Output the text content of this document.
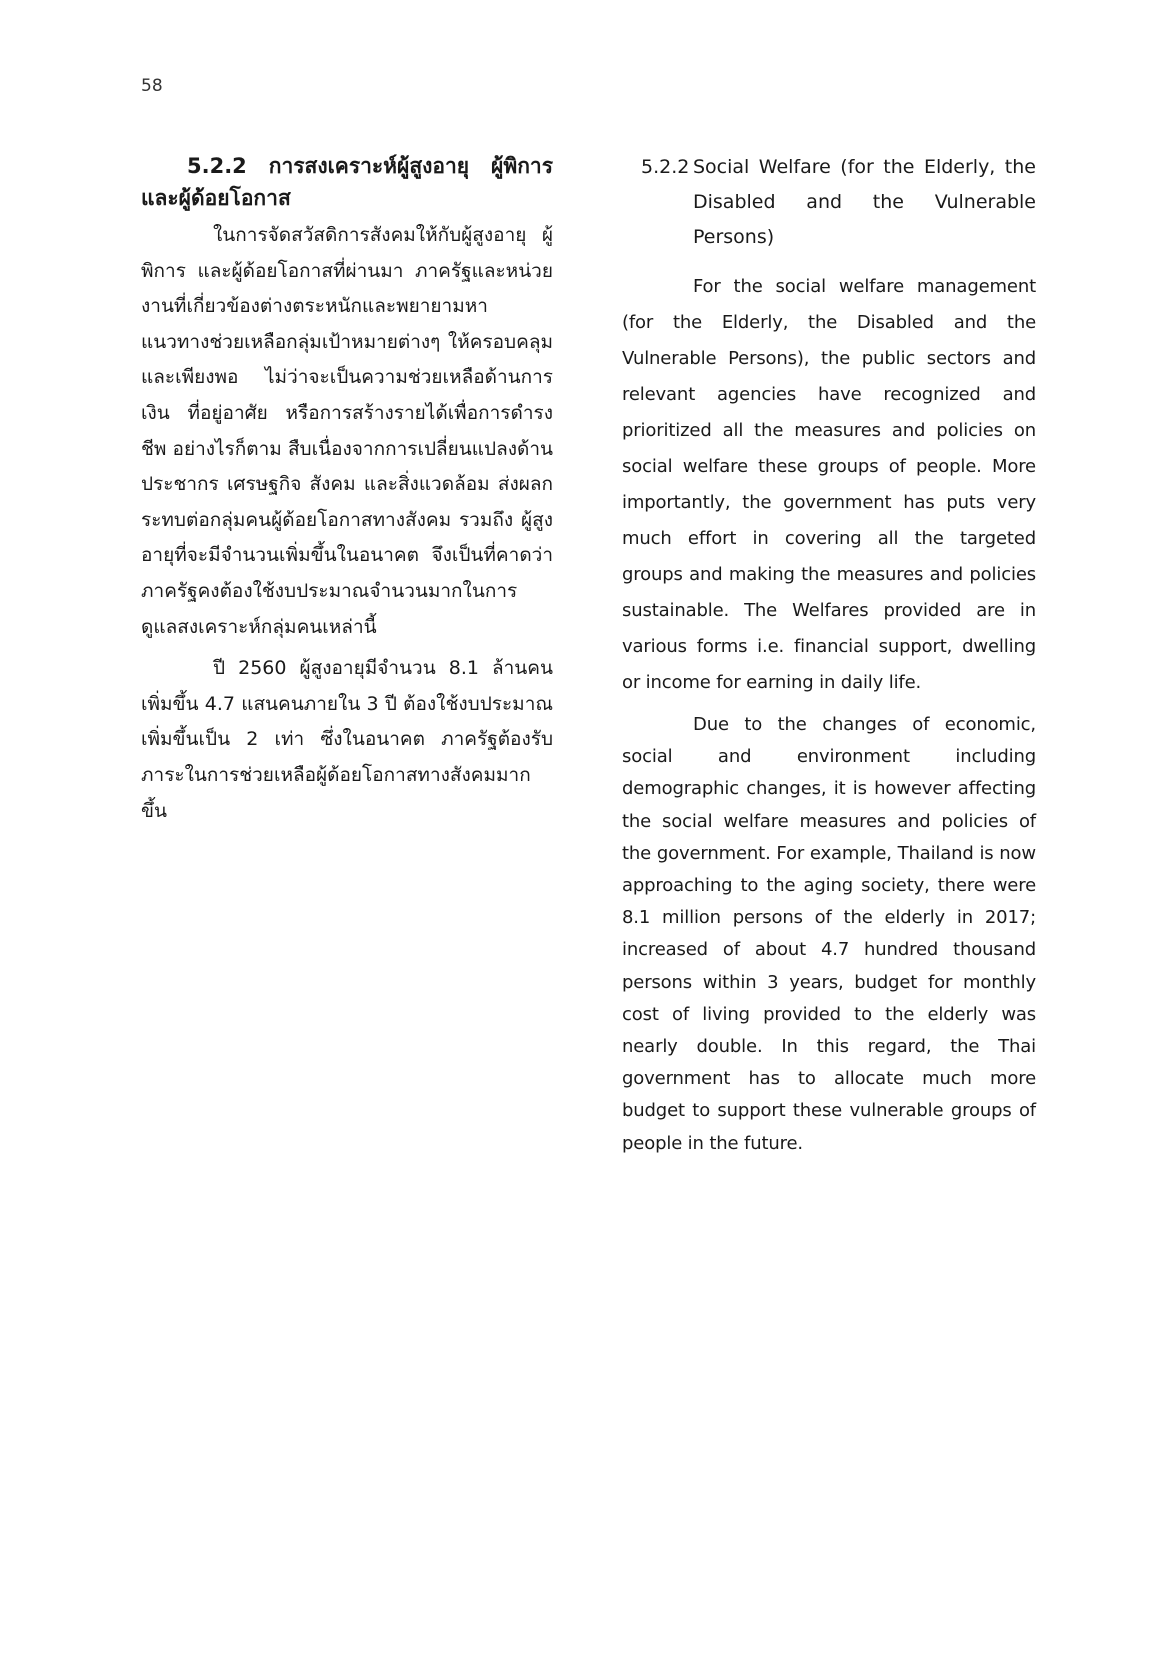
58
5.2.2 การสงเคราะห์ผู้สูงอายุ ผู้พิการ และผู้ด้อยโอกาส

ในการจัดสวัสดิการสังคมให้กับผู้สูงอายุ ผู้พิการ และผู้ด้อยโอกาสที่ผ่านมา ภาครัฐและหน่วยงานที่เกี่ยวข้องต่างตระหนักและพยายามหาแนวทางช่วยเหลือกลุ่มเป้าหมายต่างๆ ให้ครอบคลุมและเพียงพอ ไม่ว่าจะเป็นความช่วยเหลือด้านการเงิน ที่อยู่อาศัย หรือการสร้างรายได้เพื่อการดำรงชีพ อย่างไรก็ตาม สืบเนื่องจากการเปลี่ยนแปลงด้านประชากร เศรษฐกิจ สังคม และสิ่งแวดล้อม ส่งผลกระทบต่อกลุ่มคนผู้ด้อยโอกาสทางสังคม รวมถึง ผู้สูงอายุที่จะมีจำนวนเพิ่มขึ้นในอนาคต จึงเป็นที่คาดว่า ภาครัฐคงต้องใช้งบประมาณจำนวนมากในการดูแลสงเคราะห์กลุ่มคนเหล่านี้

ปี 2560 ผู้สูงอายุมีจำนวน 8.1 ล้านคน เพิ่มขึ้น 4.7 แสนคนภายใน 3 ปี ต้องใช้งบประมาณเพิ่มขึ้นเป็น 2 เท่า ซึ่งในอนาคต ภาครัฐต้องรับภาระในการช่วยเหลือผู้ด้อยโอกาสทางสังคมมากขึ้น

5.2.2 Social Welfare (for the Elderly, the Disabled and the Vulnerable Persons)

For the social welfare management (for the Elderly, the Disabled and the Vulnerable Persons), the public sectors and relevant agencies have recognized and prioritized all the measures and policies on social welfare these groups of people. More importantly, the government has puts very much effort in covering all the targeted groups and making the measures and policies sustainable. The Welfares provided are in various forms i.e. financial support, dwelling or income for earning in daily life.

Due to the changes of economic, social and environment including demographic changes, it is however affecting the social welfare measures and policies of the government. For example, Thailand is now approaching to the aging society, there were 8.1 million persons of the elderly in 2017; increased of about 4.7 hundred thousand persons within 3 years, budget for monthly cost of living provided to the elderly was nearly double. In this regard, the Thai government has to allocate much more budget to support these vulnerable groups of people in the future.
